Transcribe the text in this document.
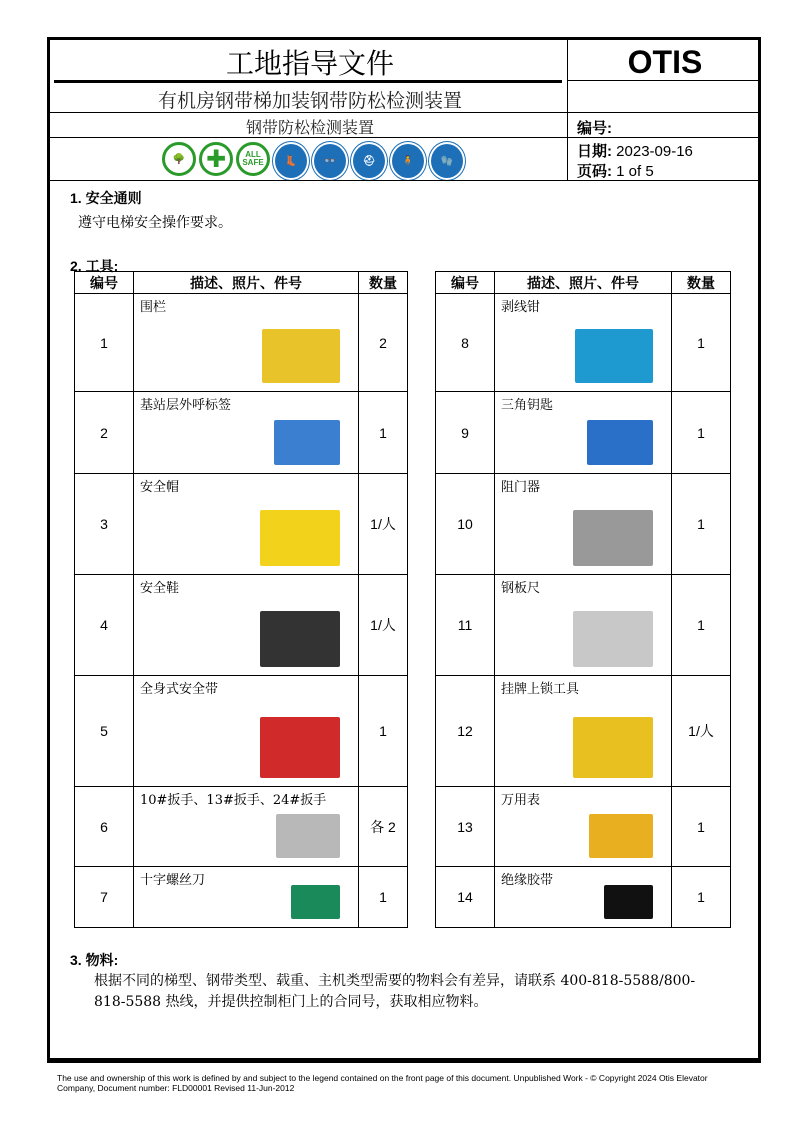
工地指导文件	OTIS
有机房钢带梯加装钢带防松检测装置
钢带防松检测装置	编号:
🌳 ✚	ALL SAFE	👢	👓	⛑	🧍	🧤
日期: 2023-09-16
页码: 1 of 5
1. 安全通则
遵守电梯安全操作要求。
2. 工具:
3. 物料:
根据不同的梯型、钢带类型、载重、主机类型需要的物料会有差异，请联系 400-818-5588/800-818-5588 热线，并提供控制柜门上的合同号，获取相应物料。
编号	描述、照片、件号	数量
1	围栏	2
2	基站层外呼标签	1
3	安全帽	1/人
4	安全鞋	1/人
5	全身式安全带	1
6	10#扳手、13#扳手、24#扳手	各 2
7	十字螺丝刀	1
编号	描述、照片、件号	数量
8	剥线钳	1
9	三角钥匙	1
10	阻门器	1
11	钢板尺	1
12	挂牌上锁工具	1/人
13	万用表	1
14	绝缘胶带	1
The use and ownership of this work is defined by and subject to the legend contained on the front page of this document. Unpublished Work - © Copyright 2024 Otis Elevator Company, Document number: FLD00001 Revised 11-Jun-2012
